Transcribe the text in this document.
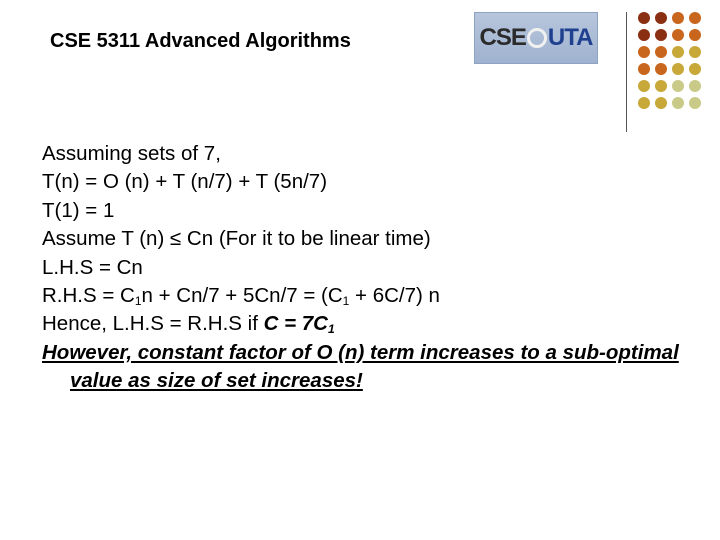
CSE 5311 Advanced Algorithms	CSE UTA
Assuming sets of 7,
T(n) = O (n) + T (n/7) + T (5n/7)
T(1) = 1
Assume T (n) ≤ Cn (For it to be linear time)
L.H.S = Cn
$R.H.S = C_1n + Cn/7 + 5Cn/7 = (C_1 + 6C/7)$ n
Hence, L.H.S = R.H.S if $C = 7C_1$
However, constant factor of O (n) term increases to a sub-optimal value as size of set increases!
